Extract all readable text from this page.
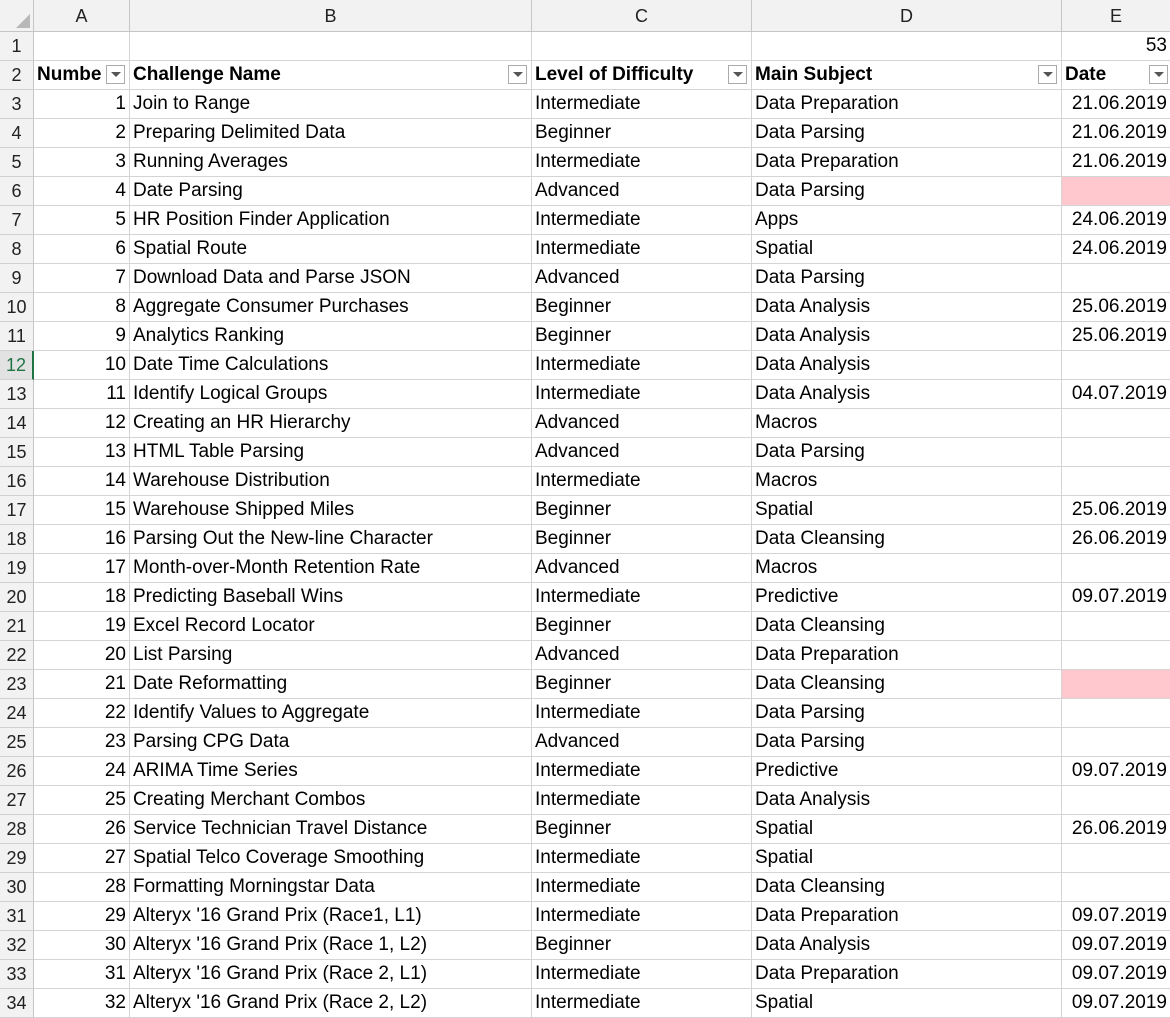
A	B	C	D	E
1	53
2 Numbe	Challenge Name	Level of Difficulty	Main Subject	Date
3	1 Join to Range	Intermediate	Data Preparation	21.06.2019
4	2 Preparing Delimited Data	Beginner	Data Parsing	21.06.2019
5	3 Running Averages	Intermediate	Data Preparation	21.06.2019
6	4 Date Parsing	Advanced	Data Parsing
7	5 HR Position Finder Application	Intermediate	Apps	24.06.2019
8	6 Spatial Route	Intermediate	Spatial	24.06.2019
9	7 Download Data and Parse JSON	Advanced	Data Parsing
10	8 Aggregate Consumer Purchases	Beginner	Data Analysis	25.06.2019
11	9 Analytics Ranking	Beginner	Data Analysis	25.06.2019
12	10 Date Time Calculations	Intermediate	Data Analysis
13	11 Identify Logical Groups	Intermediate	Data Analysis	04.07.2019
14	12 Creating an HR Hierarchy	Advanced	Macros
15	13 HTML Table Parsing	Advanced	Data Parsing
16	14 Warehouse Distribution	Intermediate	Macros
17	15 Warehouse Shipped Miles	Beginner	Spatial	25.06.2019
18	16 Parsing Out the New-line Character	Beginner	Data Cleansing	26.06.2019
19	17 Month-over-Month Retention Rate	Advanced	Macros
20	18 Predicting Baseball Wins	Intermediate	Predictive	09.07.2019
21	19 Excel Record Locator	Beginner	Data Cleansing
22	20 List Parsing	Advanced	Data Preparation
23	21 Date Reformatting	Beginner	Data Cleansing
24	22 Identify Values to Aggregate	Intermediate	Data Parsing
25	23 Parsing CPG Data	Advanced	Data Parsing
26	24 ARIMA Time Series	Intermediate	Predictive	09.07.2019
27	25 Creating Merchant Combos	Intermediate	Data Analysis
28	26 Service Technician Travel Distance	Beginner	Spatial	26.06.2019
29	27 Spatial Telco Coverage Smoothing	Intermediate	Spatial
30	28 Formatting Morningstar Data	Intermediate	Data Cleansing
31	29 Alteryx '16 Grand Prix (Race1, L1)	Intermediate	Data Preparation	09.07.2019
32	30 Alteryx '16 Grand Prix (Race 1, L2)	Beginner	Data Analysis	09.07.2019
33	31 Alteryx '16 Grand Prix (Race 2, L1)	Intermediate	Data Preparation	09.07.2019
34	32 Alteryx '16 Grand Prix (Race 2, L2)	Intermediate	Spatial	09.07.2019
